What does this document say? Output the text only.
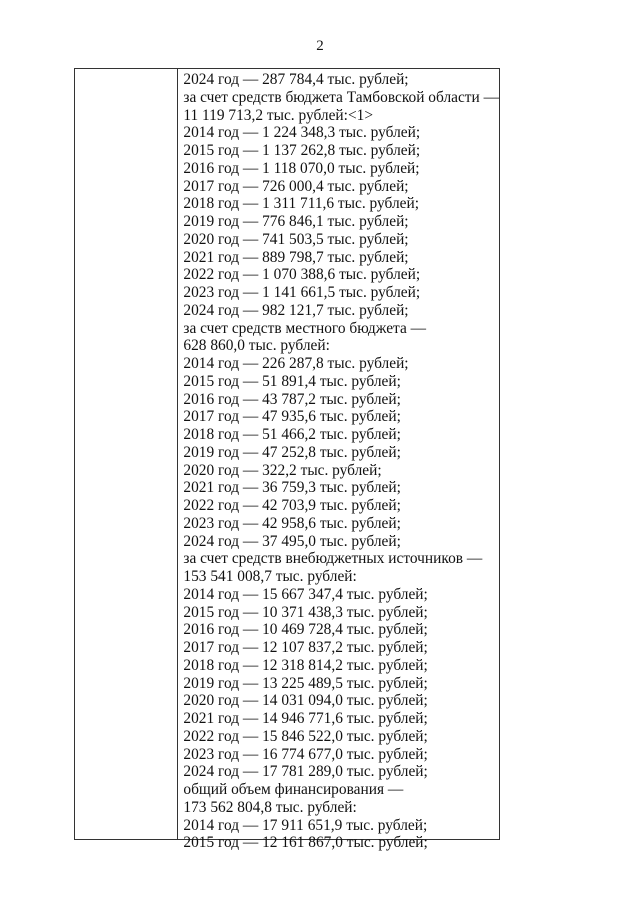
2
2024 год — 287 784,4 тыс. рублей;
за счет средств бюджета Тамбовской области —
11 119 713,2 тыс. рублей:<1>
2014 год — 1 224 348,3 тыс. рублей;
2015 год — 1 137 262,8 тыс. рублей;
2016 год — 1 118 070,0 тыс. рублей;
2017 год — 726 000,4 тыс. рублей;
2018 год — 1 311 711,6 тыс. рублей;
2019 год — 776 846,1 тыс. рублей;
2020 год — 741 503,5 тыс. рублей;
2021 год — 889 798,7 тыс. рублей;
2022 год — 1 070 388,6 тыс. рублей;
2023 год — 1 141 661,5 тыс. рублей;
2024 год — 982 121,7 тыс. рублей;
за счет средств местного бюджета —
628 860,0 тыс. рублей:
2014 год — 226 287,8 тыс. рублей;
2015 год — 51 891,4 тыс. рублей;
2016 год — 43 787,2 тыс. рублей;
2017 год — 47 935,6 тыс. рублей;
2018 год — 51 466,2 тыс. рублей;
2019 год — 47 252,8 тыс. рублей;
2020 год — 322,2 тыс. рублей;
2021 год — 36 759,3 тыс. рублей;
2022 год — 42 703,9 тыс. рублей;
2023 год — 42 958,6 тыс. рублей;
2024 год — 37 495,0 тыс. рублей;
за счет средств внебюджетных источников —
153 541 008,7 тыс. рублей:
2014 год — 15 667 347,4 тыс. рублей;
2015 год — 10 371 438,3 тыс. рублей;
2016 год — 10 469 728,4 тыс. рублей;
2017 год — 12 107 837,2 тыс. рублей;
2018 год — 12 318 814,2 тыс. рублей;
2019 год — 13 225 489,5 тыс. рублей;
2020 год — 14 031 094,0 тыс. рублей;
2021 год — 14 946 771,6 тыс. рублей;
2022 год — 15 846 522,0 тыс. рублей;
2023 год — 16 774 677,0 тыс. рублей;
2024 год — 17 781 289,0 тыс. рублей;
общий объем финансирования —
173 562 804,8 тыс. рублей:
2014 год — 17 911 651,9 тыс. рублей;
2015 год — 12 161 867,0 тыс. рублей;
